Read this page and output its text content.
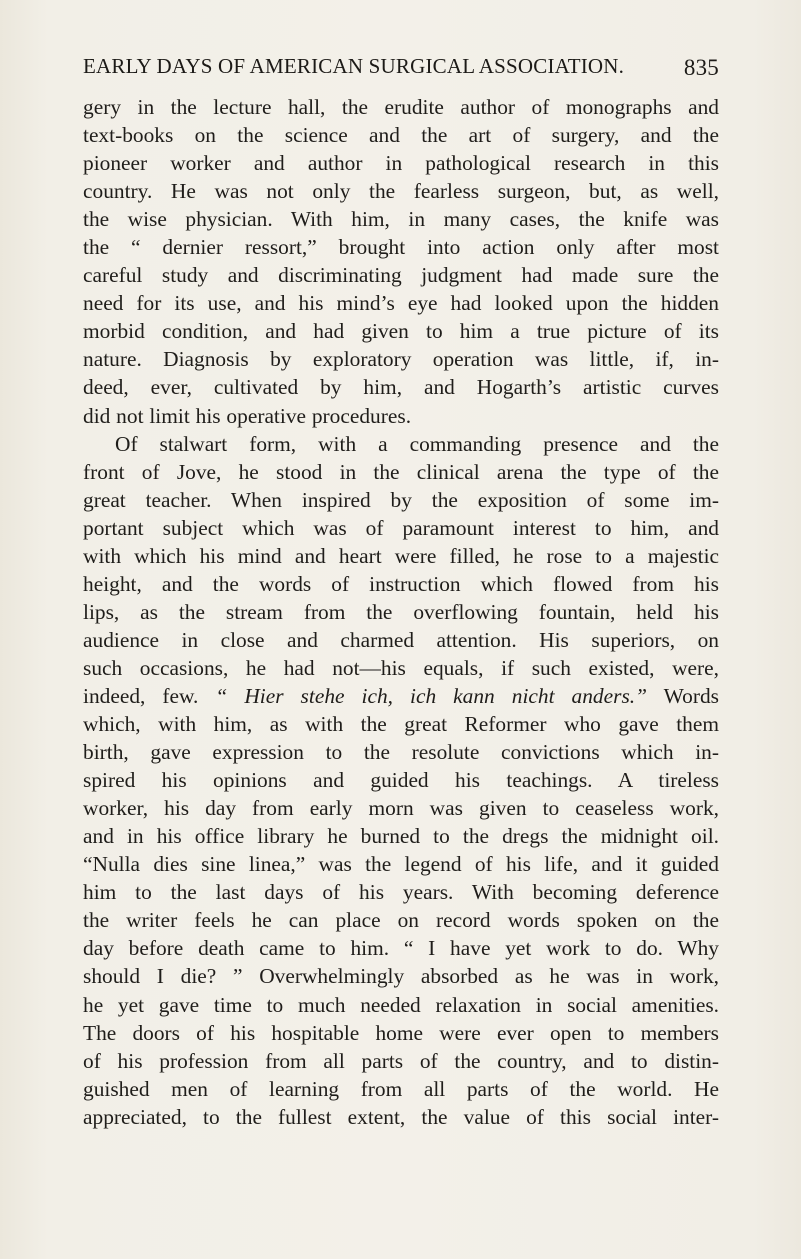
EARLY DAYS OF AMERICAN SURGICAL ASSOCIATION.	835
gery in the lecture hall, the erudite author of monographs and
text-books on the science and the art of surgery, and the
pioneer worker and author in pathological research in this
country. He was not only the fearless surgeon, but, as well,
the wise physician. With him, in many cases, the knife was
the “ dernier ressort,” brought into action only after most
careful study and discriminating judgment had made sure the
need for its use, and his mind’s eye had looked upon the hidden
morbid condition, and had given to him a true picture of its
nature. Diagnosis by exploratory operation was little, if, in-
deed, ever, cultivated by him, and Hogarth’s artistic curves
did not limit his operative procedures.
Of stalwart form, with a commanding presence and the
front of Jove, he stood in the clinical arena the type of the
great teacher. When inspired by the exposition of some im-
portant subject which was of paramount interest to him, and
with which his mind and heart were filled, he rose to a majestic
height, and the words of instruction which flowed from his
lips, as the stream from the overflowing fountain, held his
audience in close and charmed attention. His superiors, on
such occasions, he had not—his equals, if such existed, were,
indeed, few. “ Hier stehe ich, ich kann nicht anders.” Words
which, with him, as with the great Reformer who gave them
birth, gave expression to the resolute convictions which in-
spired his opinions and guided his teachings. A tireless
worker, his day from early morn was given to ceaseless work,
and in his office library he burned to the dregs the midnight oil.
“Nulla dies sine linea,” was the legend of his life, and it guided
him to the last days of his years. With becoming deference
the writer feels he can place on record words spoken on the
day before death came to him. “ I have yet work to do. Why
should I die? ” Overwhelmingly absorbed as he was in work,
he yet gave time to much needed relaxation in social amenities.
The doors of his hospitable home were ever open to members
of his profession from all parts of the country, and to distin-
guished men of learning from all parts of the world. He
appreciated, to the fullest extent, the value of this social inter-
